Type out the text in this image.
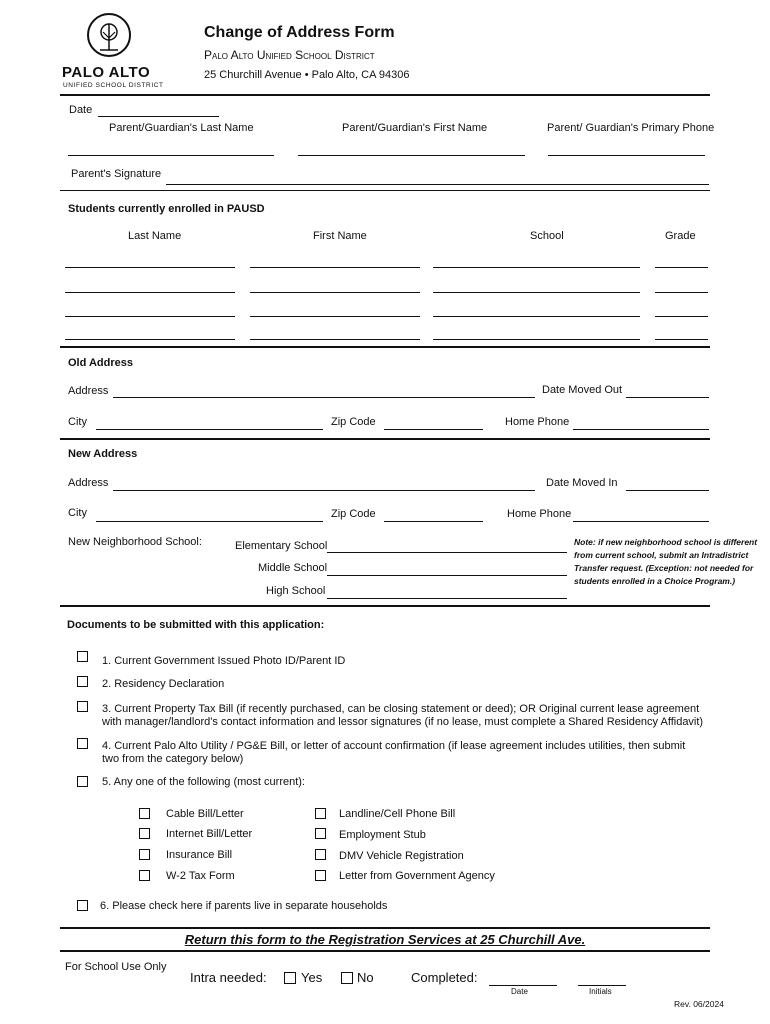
PALO ALTO
UNIFIED SCHOOL DISTRICT
Change of Address Form
Palo Alto Unified School District
25 Churchill Avenue • Palo Alto, CA 94306
Date
Parent/Guardian's Last Name	Parent/Guardian's First Name	Parent/ Guardian's Primary Phone
Parent's Signature
Students currently enrolled in PAUSD
Last Name	First Name	School	Grade
Old Address
Address	Date Moved Out
City	Zip Code	Home Phone
New Address
Address	Date Moved In
City	Zip Code	Home Phone
New Neighborhood School:	Elementary School
Middle School
High School
Note: if new neighborhood school is different from current school, submit an Intradistrict Transfer request. (Exception: not needed for students enrolled in a Choice Program.)
Documents to be submitted with this application:
1. Current Government Issued Photo ID/Parent ID
2. Residency Declaration
3. Current Property Tax Bill (if recently purchased, can be closing statement or deed); OR Original current lease agreement with manager/landlord's contact information and lessor signatures (if no lease, must complete a Shared Residency Affidavit)
4. Current Palo Alto Utility / PG&E Bill, or letter of account confirmation (if lease agreement includes utilities, then submit two from the category below)
5. Any one of the following (most current):
Cable Bill/Letter
Internet Bill/Letter
Insurance Bill
W-2 Tax Form
Landline/Cell Phone Bill
Employment Stub
DMV Vehicle Registration
Letter from Government Agency
6. Please check here if parents live in separate households
Return this form to the Registration Services at 25 Churchill Ave.
For School Use Only
Intra needed:	Yes	No	Completed:
Date	Initials
Rev. 06/2024
